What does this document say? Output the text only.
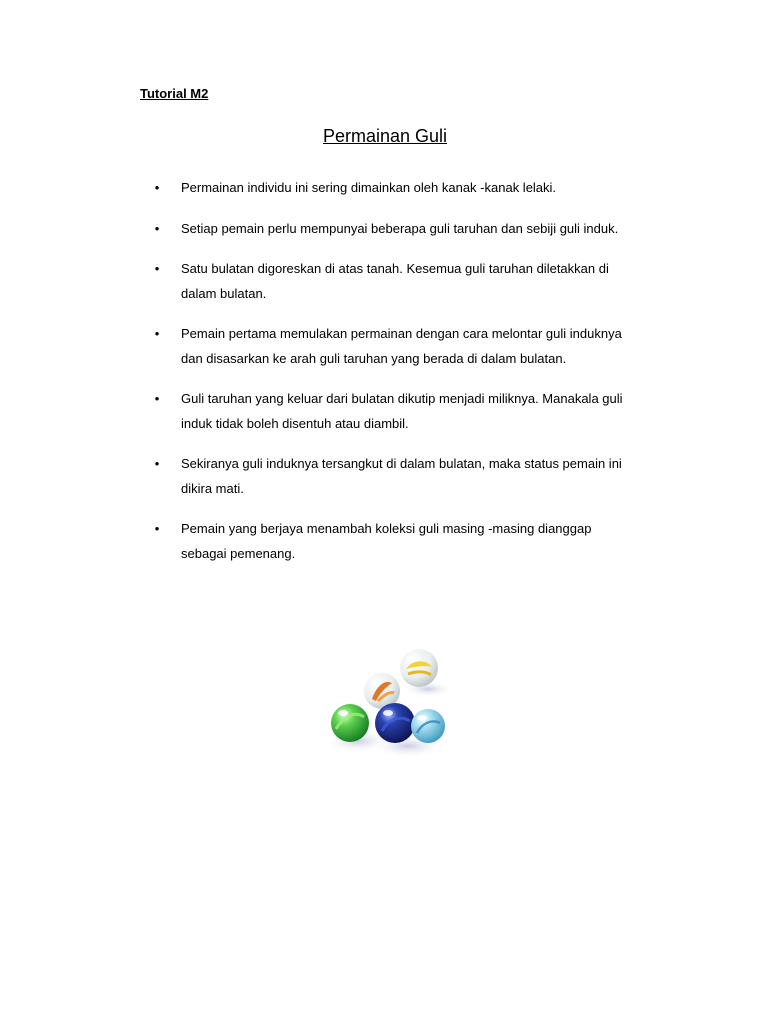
Tutorial M2
Permainan Guli
• Permainan individu ini sering dimainkan oleh kanak -kanak lelaki.
• Setiap pemain perlu mempunyai beberapa guli taruhan dan sebiji guli induk.
• Satu bulatan digoreskan di atas tanah. Kesemua guli taruhan diletakkan di dalam bulatan.
• Pemain pertama memulakan permainan dengan cara melontar guli induknya dan disasarkan ke arah guli taruhan yang berada di dalam bulatan.
• Guli taruhan yang keluar dari bulatan dikutip menjadi miliknya. Manakala guli induk tidak boleh disentuh atau diambil.
• Sekiranya guli induknya tersangkut di dalam bulatan, maka status pemain ini dikira mati.
• Pemain yang berjaya menambah koleksi guli masing -masing dianggap sebagai pemenang.
